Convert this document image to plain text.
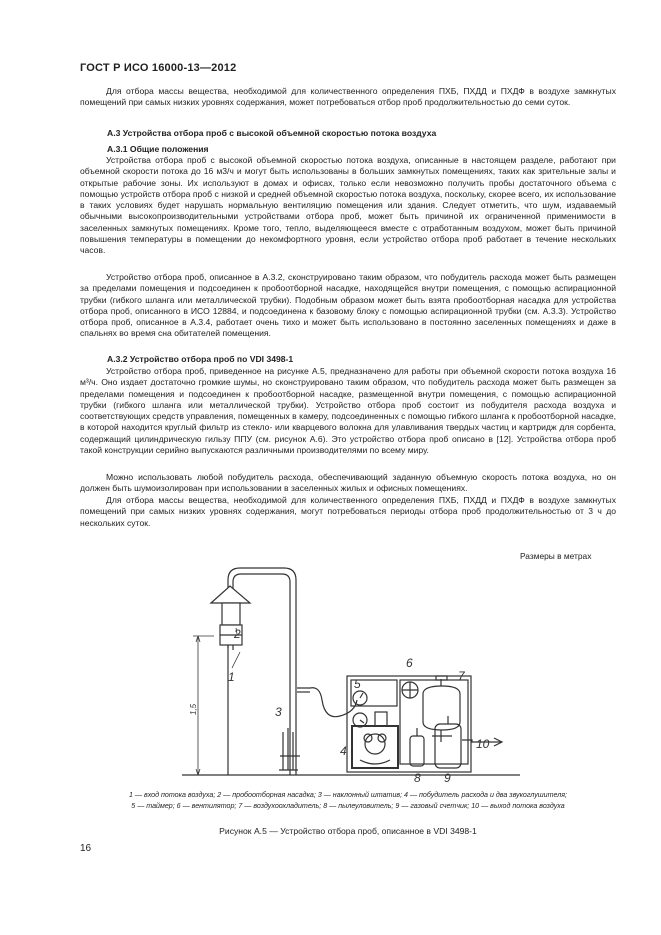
ГОСТ Р ИСО 16000-13—2012

Для отбора массы вещества, необходимой для количественного определения ПХБ, ПХДД и ПХДФ в воздухе замкнутых помещений при самых низких уровнях содержания, может потребоваться отбор проб продолжительностью до семи суток.

А.3 Устройства отбора проб с высокой объемной скоростью потока воздуха
А.3.1 Общие положения

Устройства отбора проб с высокой объемной скоростью потока воздуха, описанные в настоящем разделе, работают при объемной скорости потока до 16 м3/ч и могут быть использованы в больших замкнутых помещениях, таких как зрительные залы и открытые рабочие зоны. Их используют в домах и офисах, только если невозможно получить пробы достаточного объема с помощью устройств отбора проб с низкой и средней объемной скоростью потока воздуха, поскольку, скорее всего, их использование в таких условиях будет нарушать нормальную вентиляцию помещения или здания. Следует отметить, что шум, издаваемый обычными высокопроизводительными устройствами отбора проб, может быть причиной их ограниченной применимости в заселенных замкнутых помещениях. Кроме того, тепло, выделяющееся вместе с отработанным воздухом, может быть причиной повышения температуры в помещении до некомфортного уровня, если устройство отбора проб работает в течение нескольких часов.

Устройство отбора проб, описанное в А.3.2, сконструировано таким образом, что побудитель расхода может быть размещен за пределами помещения и подсоединен к пробоотборной насадке, находящейся внутри помещения, с помощью аспирационной трубки (гибкого шланга или металлической трубки). Подобным образом может быть взята пробоотборная насадка для устройства отбора проб, описанного в ИСО 12884, и подсоединена к базовому блоку с помощью аспирационной трубки (см. А.3.3). Устройство отбора проб, описанное в А.3.4, работает очень тихо и может быть использовано в постоянно заселенных помещениях и даже в спальнях во время сна обитателей помещения.

А.3.2 Устройство отбора проб по VDI 3498-1

Устройство отбора проб, приведенное на рисунке А.5, предназначено для работы при объемной скорости потока воздуха 16 м³/ч. Оно издает достаточно громкие шумы, но сконструировано таким образом, что побудитель расхода может быть размещен за пределами помещения и подсоединен к пробоотборной насадке, размещенной внутри помещения, с помощью аспирационной трубки (гибкого шланга или металлической трубки). Устройство отбора проб состоит из побудителя расхода воздуха и соответствующих средств управления, помещенных в камеру, подсоединенных с помощью гибкого шланга к пробоотборной насадке, в которой находится круглый фильтр из стекло- или кварцевого волокна для улавливания твердых частиц и картридж для сорбента, содержащий цилиндрическую гильзу ППУ (см. рисунок А.6). Это устройство отбора проб описано в [12]. Устройства отбора проб такой конструкции серийно выпускаются различными производителями по всему миру.

Можно использовать любой побудитель расхода, обеспечивающий заданную объемную скорость потока воздуха, но он должен быть шумоизолирован при использовании в заселенных жилых и офисных помещениях.

Для отбора массы вещества, необходимой для количественного определения ПХБ, ПХДД и ПХДФ в воздухе замкнутых помещений при самых низких уровнях содержания, могут потребоваться периоды отбора проб продолжительностью от 3 ч до нескольких суток.

Размеры в метрах
1
2
3
4
5
6
7
8 9
10
1,5
1 — вход потока воздуха; 2 — пробоотборная насадка; 3 — наклонный штатив; 4 — побудитель расхода и два звукоглушителя;
5 — таймер; 6 — вентилятор; 7 — воздухоохладитель; 8 — пылеуловитель; 9 — газовый счетчик; 10 — выход потока воздуха
Рисунок А.5 — Устройство отбора проб, описанное в VDI 3498-1
16
